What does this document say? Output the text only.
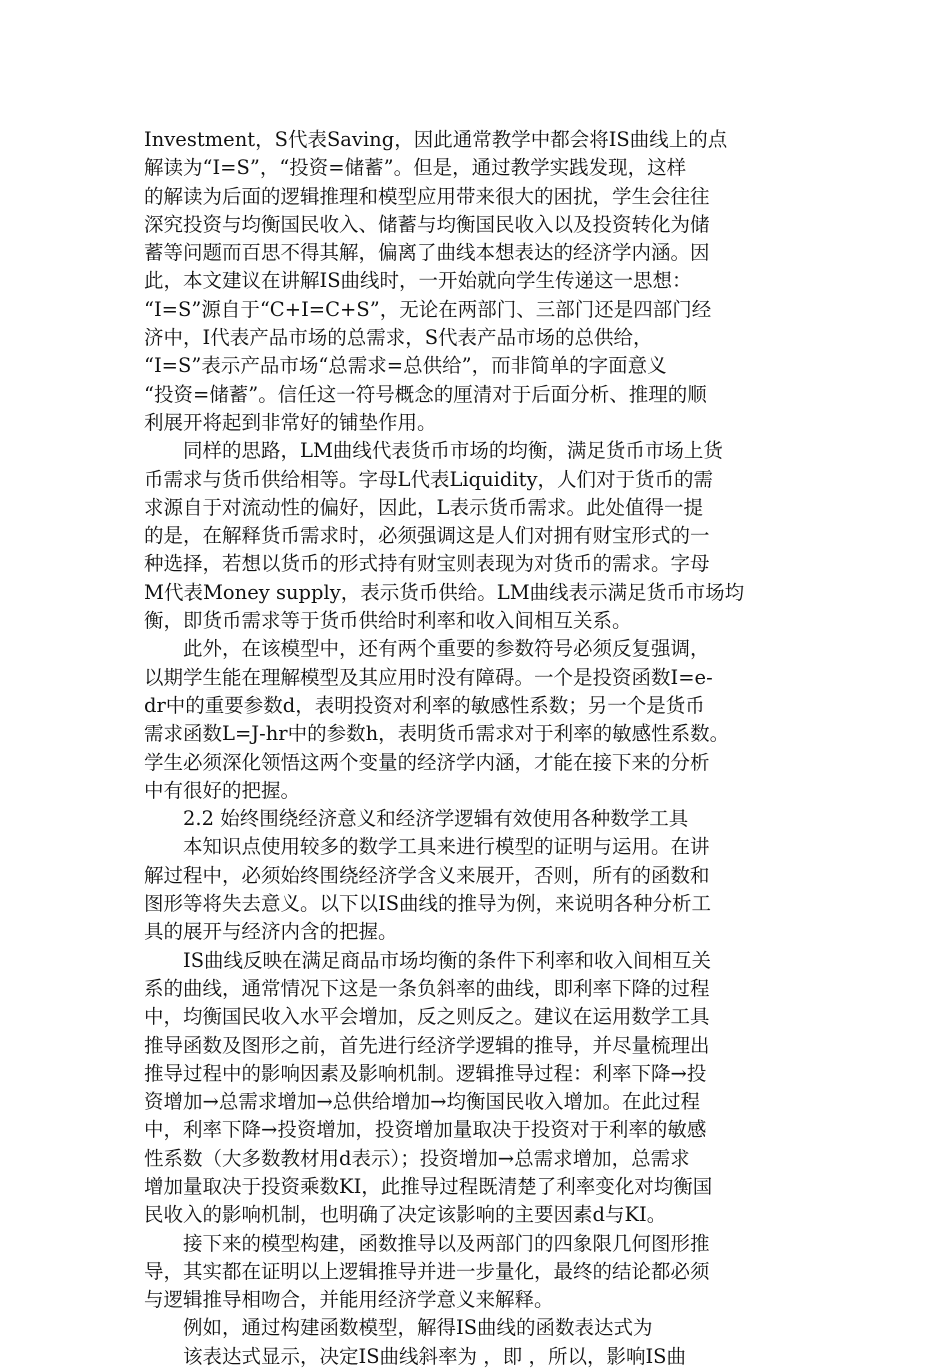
Investment，S代表Saving，因此通常教学中都会将IS曲线上的点
解读为“I=S”，“投资=储蓄”。但是，通过教学实践发现，这样
的解读为后面的逻辑推理和模型应用带来很大的困扰，学生会往往
深究投资与均衡国民收入、储蓄与均衡国民收入以及投资转化为储
蓄等问题而百思不得其解，偏离了曲线本想表达的经济学内涵。因
此，本文建议在讲解IS曲线时，一开始就向学生传递这一思想：
“I=S”源自于“C+I=C+S”，无论在两部门、三部门还是四部门经
济中，I代表产品市场的总需求，S代表产品市场的总供给，
“I=S”表示产品市场“总需求=总供给”，而非简单的字面意义
“投资=储蓄”。信任这一符号概念的厘清对于后面分析、推理的顺
利展开将起到非常好的铺垫作用。
同样的思路，LM曲线代表货币市场的均衡，满足货币市场上货
币需求与货币供给相等。字母L代表Liquidity，人们对于货币的需
求源自于对流动性的偏好，因此，L表示货币需求。此处值得一提
的是，在解释货币需求时，必须强调这是人们对拥有财宝形式的一
种选择，若想以货币的形式持有财宝则表现为对货币的需求。字母
M代表Money supply，表示货币供给。LM曲线表示满足货币市场均
衡，即货币需求等于货币供给时利率和收入间相互关系。
此外，在该模型中，还有两个重要的参数符号必须反复强调，
以期学生能在理解模型及其应用时没有障碍。一个是投资函数I=e-
dr中的重要参数d，表明投资对利率的敏感性系数；另一个是货币
需求函数L=J-hr中的参数h，表明货币需求对于利率的敏感性系数。
学生必须深化领悟这两个变量的经济学内涵，才能在接下来的分析
中有很好的把握。
2.2 始终围绕经济意义和经济学逻辑有效使用各种数学工具
本知识点使用较多的数学工具来进行模型的证明与运用。在讲
解过程中，必须始终围绕经济学含义来展开，否则，所有的函数和
图形等将失去意义。以下以IS曲线的推导为例，来说明各种分析工
具的展开与经济内含的把握。
IS曲线反映在满足商品市场均衡的条件下利率和收入间相互关
系的曲线，通常情况下这是一条负斜率的曲线，即利率下降的过程
中，均衡国民收入水平会增加，反之则反之。建议在运用数学工具
推导函数及图形之前，首先进行经济学逻辑的推导，并尽量梳理出
推导过程中的影响因素及影响机制。逻辑推导过程：利率下降→投
资增加→总需求增加→总供给增加→均衡国民收入增加。在此过程
中，利率下降→投资增加，投资增加量取决于投资对于利率的敏感
性系数（大多数教材用d表示）；投资增加→总需求增加，总需求
增加量取决于投资乘数KI，此推导过程既清楚了利率变化对均衡国
民收入的影响机制，也明确了决定该影响的主要因素d与KI。
接下来的模型构建，函数推导以及两部门的四象限几何图形推
导，其实都在证明以上逻辑推导并进一步量化，最终的结论都必须
与逻辑推导相吻合，并能用经济学意义来解释。
例如，通过构建函数模型，解得IS曲线的函数表达式为
该表达式显示，决定IS曲线斜率为 ，即 ，所以，影响IS曲
